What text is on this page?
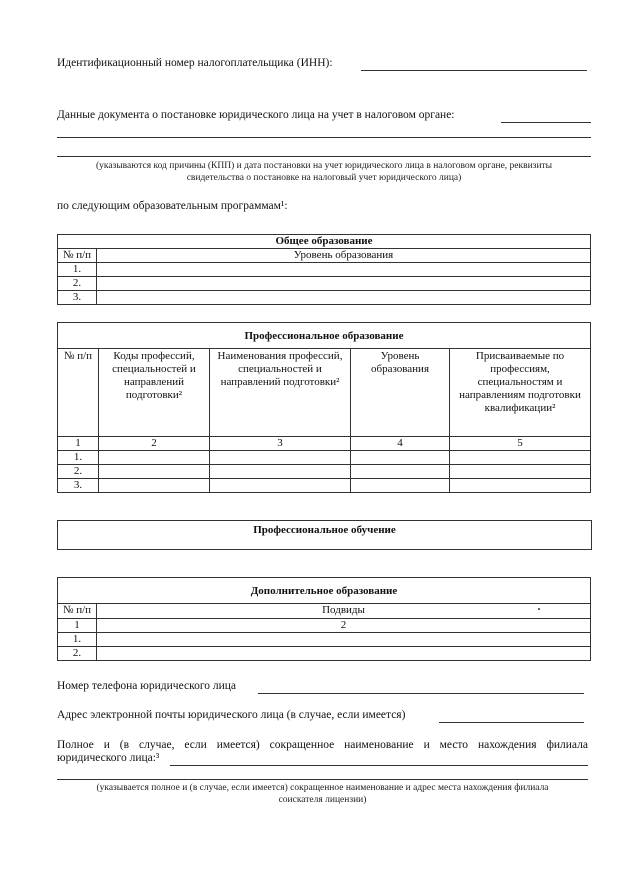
Идентификационный номер налогоплательщика (ИНН):
Данные документа о постановке юридического лица на учет в налоговом органе:
(указываются код причины (КПП) и дата постановки на учет юридического лица в налоговом органе, реквизиты
свидетельства о постановке на налоговый учет юридического лица)
по следующим образовательным программам¹:
Общее образование	
№ п/п	Уровень образования
1.	
2.	
3.	
Профессиональное образование				
№ п/п	Коды профессий, специальностей и направлений подготовки²	Наименования профессий, специальностей и направлений подготовки²	Уровень образования	Присваиваемые по профессиям, специальностям и направлениям подготовки квалификации²
1	2	3	4	5
1.				
2.				
3.				
Профессиональное обучение
Дополнительное образование	
№ п/п	Подвиды
1	2
1.	
2.	
Номер телефона юридического лица
Адрес электронной почты юридического лица (в случае, если имеется)
Полное и (в случае, если имеется) сокращенное наименование и место нахождения филиала
юридического лица:³
(указывается полное и (в случае, если имеется) сокращенное наименование и адрес места нахождения филиала
соискателя лицензии)
